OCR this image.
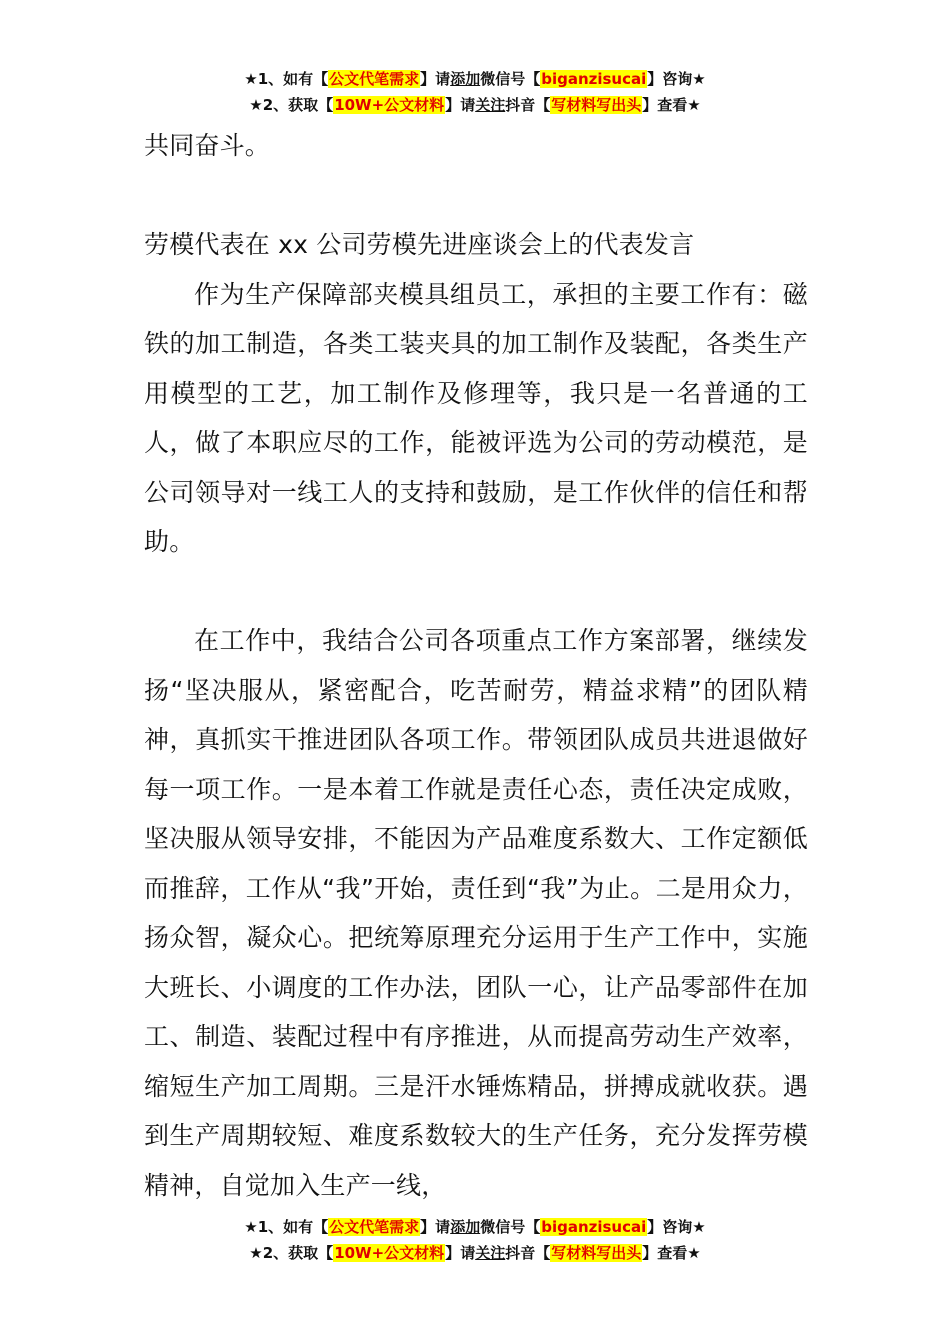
★1、如有【公文代笔需求】请添加微信号【biganzisucai】咨询★
★2、获取【10W+公文材料】请关注抖音【写材料写出头】查看★

共同奋斗。

劳模代表在 xx 公司劳模先进座谈会上的代表发言

作为生产保障部夹模具组员工，承担的主要工作有：磁铁的加工制造，各类工装夹具的加工制作及装配，各类生产用模型的工艺，加工制作及修理等，我只是一名普通的工人，做了本职应尽的工作，能被评选为公司的劳动模范，是公司领导对一线工人的支持和鼓励，是工作伙伴的信任和帮助。

在工作中，我结合公司各项重点工作方案部署，继续发扬“坚决服从，紧密配合，吃苦耐劳，精益求精”的团队精神，真抓实干推进团队各项工作。带领团队成员共进退做好每一项工作。一是本着工作就是责任心态，责任决定成败，坚决服从领导安排，不能因为产品难度系数大、工作定额低而推辞，工作从“我”开始，责任到“我”为止。二是用众力，扬众智，凝众心。把统筹原理充分运用于生产工作中，实施大班长、小调度的工作办法，团队一心，让产品零部件在加工、制造、装配过程中有序推进，从而提高劳动生产效率，缩短生产加工周期。三是汗水锤炼精品，拼搏成就收获。遇到生产周期较短、难度系数较大的生产任务，充分发挥劳模精神，自觉加入生产一线，

★1、如有【公文代笔需求】请添加微信号【biganzisucai】咨询★
★2、获取【10W+公文材料】请关注抖音【写材料写出头】查看★
